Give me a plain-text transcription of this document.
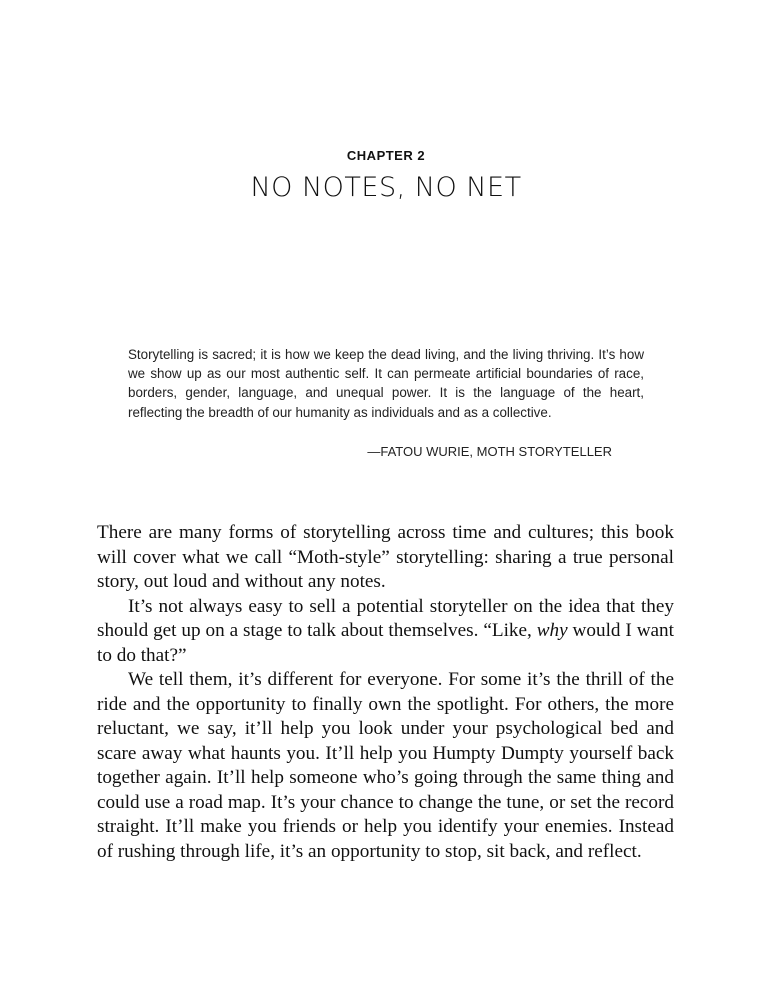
CHAPTER 2
NO NOTES, NO NET

Storytelling is sacred; it is how we keep the dead living, and the living thriving. It’s how we show up as our most authentic self. It can permeate artificial boundaries of race, borders, gender, language, and unequal power. It is the language of the heart, reflecting the breadth of our humanity as individuals and as a collective.

—FATOU WURIE, MOTH STORYTELLER

There are many forms of storytelling across time and cultures; this book will cover what we call “Moth-style” storytelling: sharing a true personal story, out loud and without any notes.

It’s not always easy to sell a potential storyteller on the idea that they should get up on a stage to talk about themselves. “Like, why would I want to do that?”

We tell them, it’s different for everyone. For some it’s the thrill of the ride and the opportunity to finally own the spotlight. For others, the more reluctant, we say, it’ll help you look under your psychological bed and scare away what haunts you. It’ll help you Humpty Dumpty yourself back together again. It’ll help someone who’s going through the same thing and could use a road map. It’s your chance to change the tune, or set the record straight. It’ll make you friends or help you identify your enemies. Instead of rushing through life, it’s an opportunity to stop, sit back, and reflect.
